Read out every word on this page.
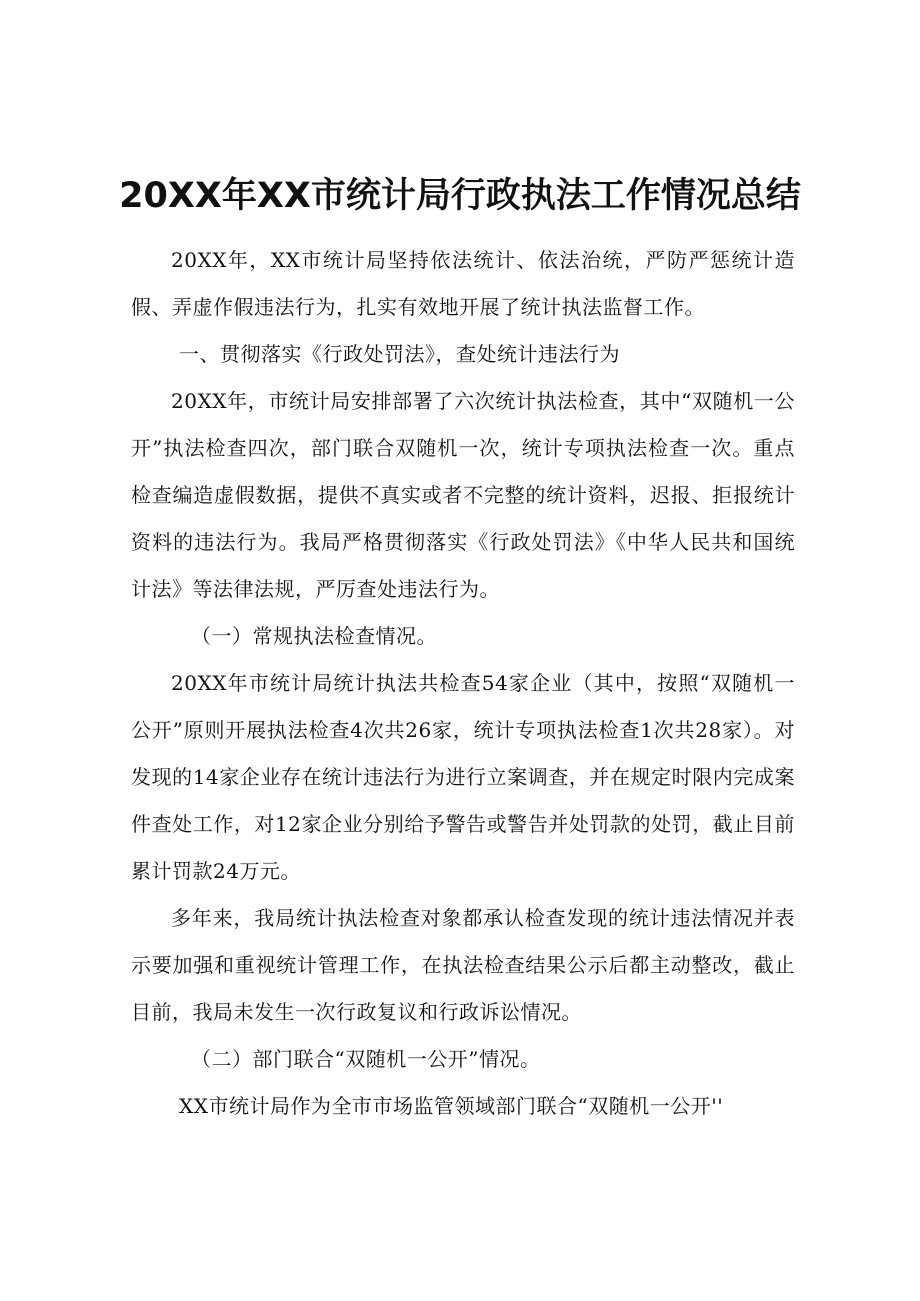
20XX年XX市统计局行政执法工作情况总结

20XX年，XX市统计局坚持依法统计、依法治统，严防严惩统计造假、弄虚作假违法行为，扎实有效地开展了统计执法监督工作。

一、贯彻落实《行政处罚法》，查处统计违法行为

20XX年，市统计局安排部署了六次统计执法检查，其中“双随机一公开”执法检查四次，部门联合双随机一次，统计专项执法检查一次。重点检查编造虚假数据，提供不真实或者不完整的统计资料，迟报、拒报统计资料的违法行为。我局严格贯彻落实《行政处罚法》《中华人民共和国统计法》等法律法规，严厉查处违法行为。

（一）常规执法检查情况。

20XX年市统计局统计执法共检查54家企业（其中，按照“双随机一公开”原则开展执法检查4次共26家，统计专项执法检查1次共28家）。对发现的14家企业存在统计违法行为进行立案调查，并在规定时限内完成案件查处工作，对12家企业分别给予警告或警告并处罚款的处罚，截止目前累计罚款24万元。

多年来，我局统计执法检查对象都承认检查发现的统计违法情况并表示要加强和重视统计管理工作，在执法检查结果公示后都主动整改，截止目前，我局未发生一次行政复议和行政诉讼情况。

（二）部门联合“双随机一公开”情况。

XX市统计局作为全市市场监管领域部门联合“双随机一公开''
